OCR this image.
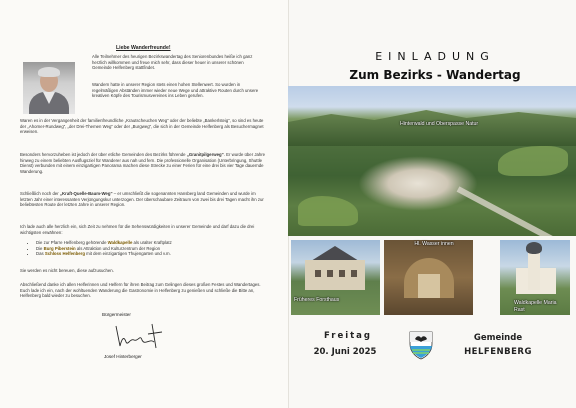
Liebe Wanderfreunde!
Alle Teilnehmer des heurigen Bezirkswandertag des Seniorenbundes heiße ich ganz herzlich willkommen und freue mich sehr, dass dieser heuer in unserer schönen Gemeinde Helfenberg stattfindet.
Wandern hatte in unserer Region stets einen hohen Stellenwert. So wurden in regelmäßigen Abständen immer wieder neue Wege und attraktive Routen durch unsere kreativen Köpfe des Tourismusvereines ins Leben gerufen.
Waren es in der Vergangenheit der familienfreundliche „Krautscheuchen Weg“ oder der beliebte „Bankerlsteig“, so sind es heute der „Ahorner-Rundweg“, „der Drei-Themen Weg“ oder der „Burgweg“, die sich in der Gemeinde Helfenberg als Besuchermagnet erweisen.
Besonders hervorzuheben ist jedoch der über etliche Gemeinden des Bezirks führende „Granitpilgerweg“. Er wurde über Jahre hinweg zu einem beliebten Ausflugsziel für Wanderer aus nah und fern. Die professionelle Organisation (Unterbringung, Shuttle Dienst) verbunden mit einem einzigartigen Panorama machen diese Strecke zu einer Ferien für eine drei bis vier Tage dauernde Wanderung.
Schließlich noch der „Kraft-Quelle-Baum-Weg“ – er umschließt die sogenannten Hansberg land Gemeinden und wurde im letzten Jahr einer interessanten Verjüngungskur unterzogen. Der überschaubare Zeitraum von zwei bis drei Tagen macht ihn zur beliebtesten Route der letzten Jahre in unserer Region.
Ich lade auch alle herzlich ein, sich Zeit zu nehmen für die Sehenswürdigkeiten in unserer Gemeinde und darf dazu die drei wichtigsten erwähnen:
• Die zur Pfarre Helfenberg gehörende Waldkapelle als uralter Kraftplatz
• Die Burg Piberstein als Attraktion und Kulturzentrum der Region
• Das Schloss Helfenberg mit dem einzigartigen Thujengarten und v.m.
Sie werden es nicht bereuen, diese aufzusuchen.
Abschließend danke ich allen Helferinnen und Helfern für ihren Beitrag zum Gelingen dieses großen Festes und Wandertages. Euch lade ich ein, nach der wohltuenden Wanderung die Gastronomie in Helfenberg zu genießen und schließe die Bitte an, Helfenberg bald wieder zu besuchen.
Bürgermeister
Josef Hinterberger
EINLADUNG
Zum Bezirks - Wandertag
Hinterwald und Oberspasse Natur
Früheres Forsthaus
Hl. Wasser innen
Waldkapelle Maria Rast
Freitag
20. Juni 2025
Gemeinde
HELFENBERG
